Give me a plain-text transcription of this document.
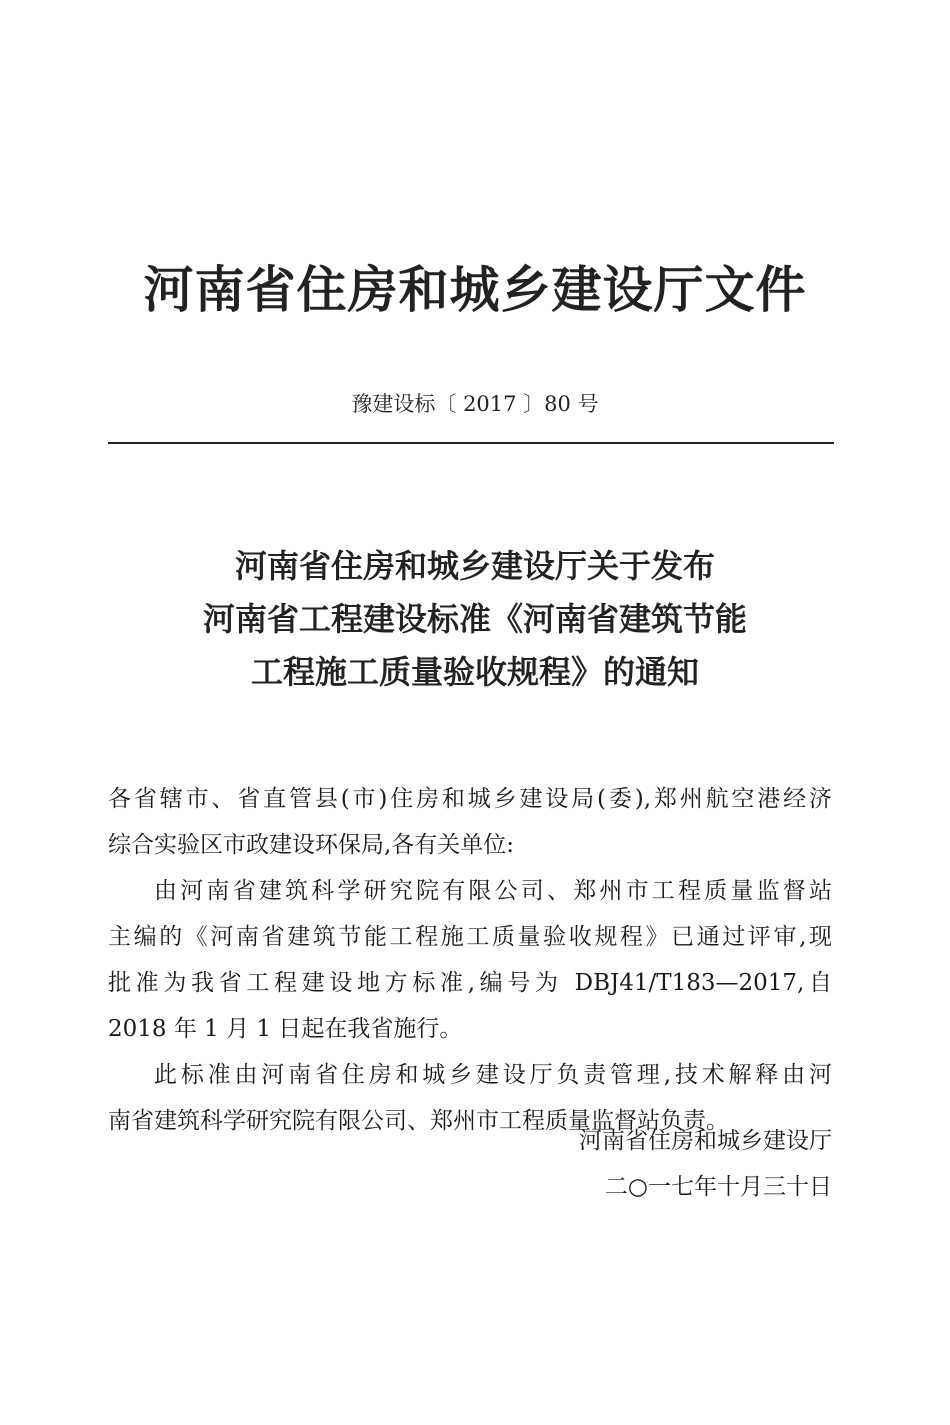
河南省住房和城乡建设厅文件
豫建设标〔 2017 〕80 号
河南省住房和城乡建设厅关于发布
河南省工程建设标准《河南省建筑节能
工程施工质量验收规程》的通知
各省辖市、省直管县(市)住房和城乡建设局(委),郑州航空港经济
综合实验区市政建设环保局,各有关单位:
由河南省建筑科学研究院有限公司、郑州市工程质量监督站
主编的《河南省建筑节能工程施工质量验收规程》已通过评审,现
批准为我省工程建设地方标准,编号为 DBJ41/T183—2017,自
2018 年 1 月 1 日起在我省施行。
此标准由河南省住房和城乡建设厅负责管理,技术解释由河
南省建筑科学研究院有限公司、郑州市工程质量监督站负责。
河南省住房和城乡建设厅
二○一七年十月三十日
